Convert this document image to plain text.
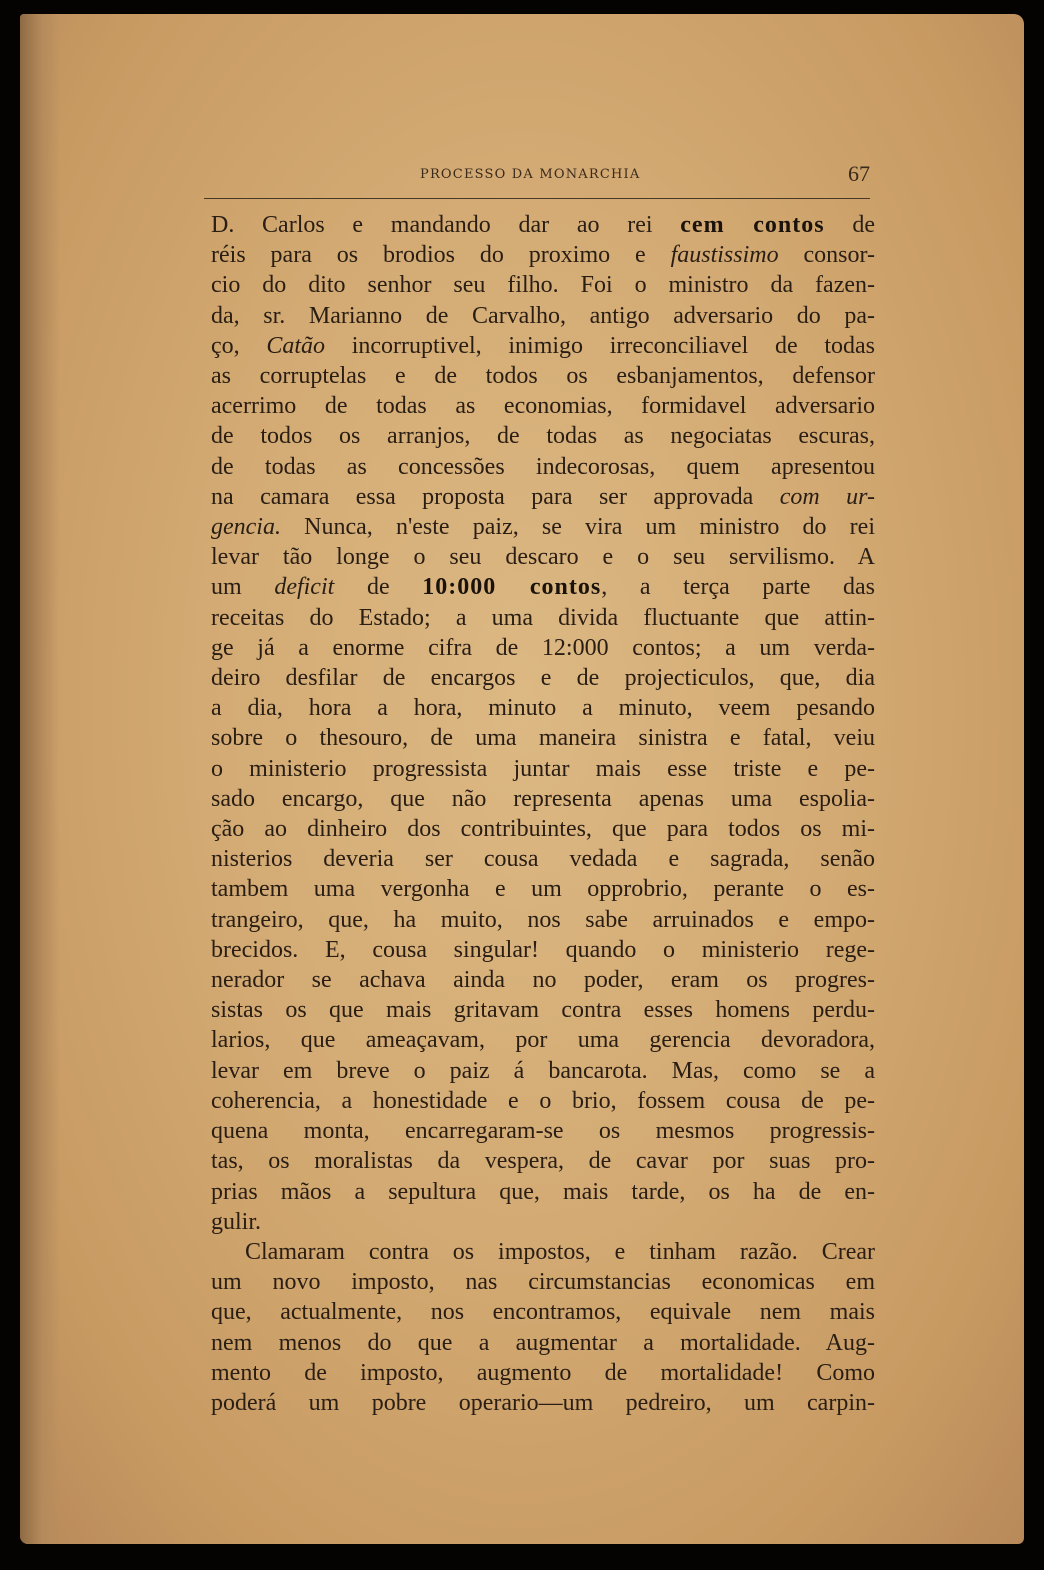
PROCESSO DA MONARCHIA	67
D. Carlos e mandando dar ao rei cem contos de
réis para os brodios do proximo e faustissimo consor-
cio do dito senhor seu filho. Foi o ministro da fazen-
da, sr. Marianno de Carvalho, antigo adversario do pa-
ço, Catão incorruptivel, inimigo irreconciliavel de todas
as corruptelas e de todos os esbanjamentos, defensor
acerrimo de todas as economias, formidavel adversario
de todos os arranjos, de todas as negociatas escuras,
de todas as concessões indecorosas, quem apresentou
na camara essa proposta para ser approvada com ur-
gencia. Nunca, n'este paiz, se vira um ministro do rei
levar tão longe o seu descaro e o seu servilismo. A
um deficit de 10:000 contos, a terça parte das
receitas do Estado; a uma divida fluctuante que attin-
ge já a enorme cifra de 12:000 contos; a um verda-
deiro desfilar de encargos e de projecticulos, que, dia
a dia, hora a hora, minuto a minuto, veem pesando
sobre o thesouro, de uma maneira sinistra e fatal, veiu
o ministerio progressista juntar mais esse triste e pe-
sado encargo, que não representa apenas uma espolia-
ção ao dinheiro dos contribuintes, que para todos os mi-
nisterios deveria ser cousa vedada e sagrada, senão
tambem uma vergonha e um opprobrio, perante o es-
trangeiro, que, ha muito, nos sabe arruinados e empo-
brecidos. E, cousa singular! quando o ministerio rege-
nerador se achava ainda no poder, eram os progres-
sistas os que mais gritavam contra esses homens perdu-
larios, que ameaçavam, por uma gerencia devoradora,
levar em breve o paiz á bancarota. Mas, como se a
coherencia, a honestidade e o brio, fossem cousa de pe-
quena monta, encarregaram-se os mesmos progressis-
tas, os moralistas da vespera, de cavar por suas pro-
prias mãos a sepultura que, mais tarde, os ha de en-
gulir.
Clamaram contra os impostos, e tinham razão. Crear
um novo imposto, nas circumstancias economicas em
que, actualmente, nos encontramos, equivale nem mais
nem menos do que a augmentar a mortalidade. Aug-
mento de imposto, augmento de mortalidade! Como
poderá um pobre operario—um pedreiro, um carpin-
